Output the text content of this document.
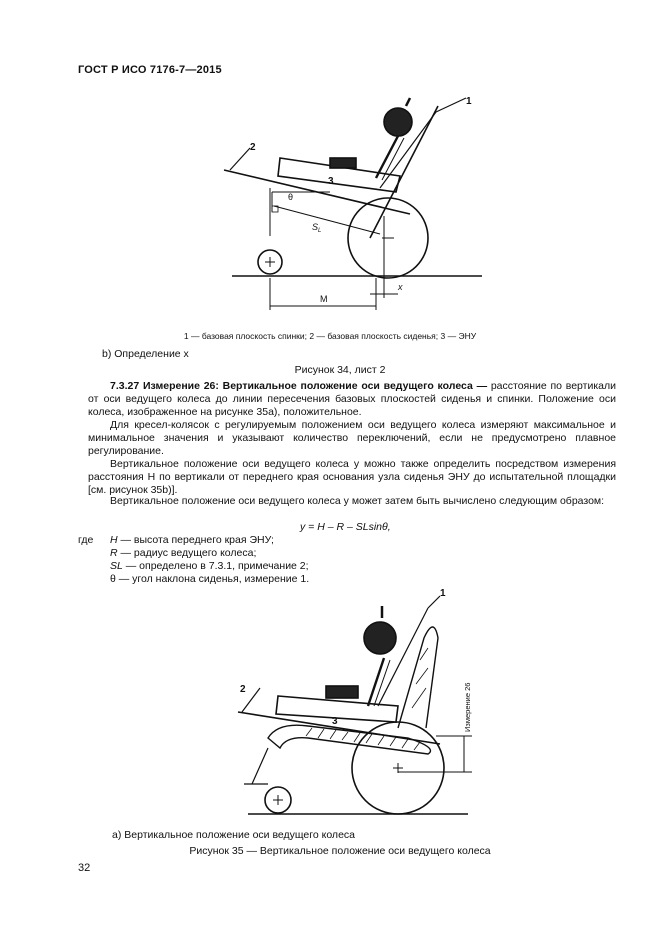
ГОСТ Р ИСО 7176-7—2015
1
2
3
θ
$S_L$
M
x
1 — базовая плоскость спинки; 2 — базовая плоскость сиденья; 3 — ЭНУ
b) Определение x
Рисунок 34, лист 2
7.3.27 Измерение 26: Вертикальное положение оси ведущего колеса — расстояние по вертикали от оси ведущего колеса до линии пересечения базовых плоскостей сиденья и спинки. Положение оси колеса, изображенное на рисунке 35а), положительное.
Для кресел-колясок с регулируемым положением оси ведущего колеса измеряют максимальное и минимальное значения и указывают количество переключений, если не предусмотрено плавное регулирование.
Вертикальное положение оси ведущего колеса y можно также определить посредством измерения расстояния H по вертикали от переднего края основания узла сиденья ЭНУ до испытательной площадки [см. рисунок 35b)].
Вертикальное положение оси ведущего колеса y может затем быть вычислено следующим образом:
y = H – R – SLsinθ,
где H — высота переднего края ЭНУ;
R — радиус ведущего колеса;
SL — определено в 7.3.1, примечание 2;
θ — угол наклона сиденья, измерение 1.
1
2
3	Измерение 26
а) Вертикальное положение оси ведущего колеса
Рисунок 35 — Вертикальное положение оси ведущего колеса
32
